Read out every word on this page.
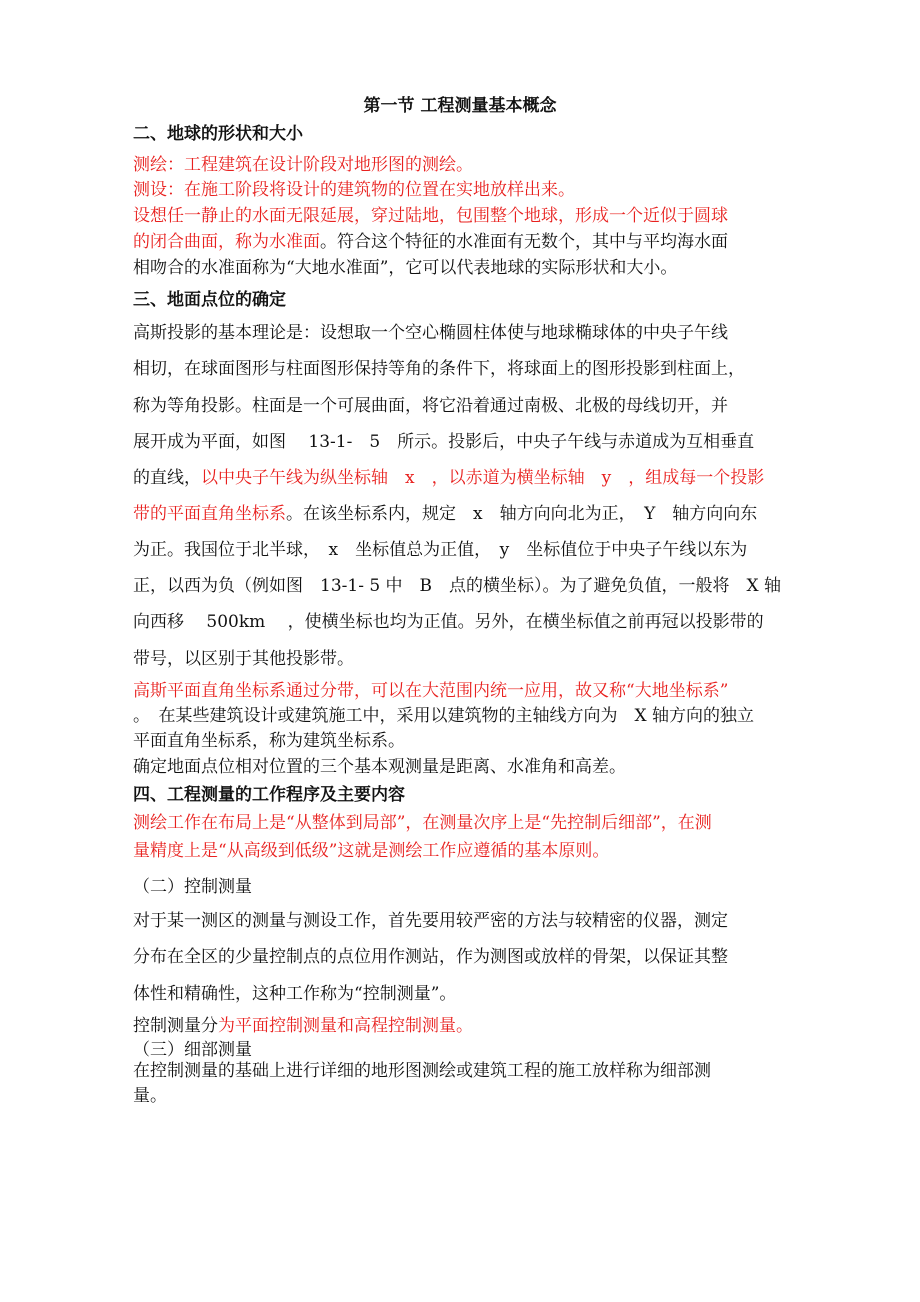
第一节 工程测量基本概念
二、地球的形状和大小
测绘：工程建筑在设计阶段对地形图的测绘。
测设：在施工阶段将设计的建筑物的位置在实地放样出来。
设想任一静止的水面无限延展，穿过陆地，包围整个地球，形成一个近似于圆球
的闭合曲面，称为水准面。符合这个特征的水准面有无数个，其中与平均海水面
相吻合的水准面称为“大地水准面”，它可以代表地球的实际形状和大小。
三、地面点位的确定
高斯投影的基本理论是：设想取一个空心椭圆柱体使与地球椭球体的中央子午线
相切，在球面图形与柱面图形保持等角的条件下，将球面上的图形投影到柱面上，
称为等角投影。柱面是一个可展曲面，将它沿着通过南极、北极的母线切开，并
展开成为平面，如图　 13-1-　5　所示。投影后，中央子午线与赤道成为互相垂直
的直线，以中央子午线为纵坐标轴　x　，以赤道为横坐标轴　y　，组成每一个投影
带的平面直角坐标系。在该坐标系内，规定　x　轴方向向北为正，　Y　轴方向向东
为正。我国位于北半球，　x　坐标值总为正值，　y　坐标值位于中央子午线以东为
正，以西为负（例如图　13-1- 5 中　B　点的横坐标）。为了避免负值，一般将　X 轴
向西移　 500km　 ，使横坐标也均为正值。另外，在横坐标值之前再冠以投影带的
带号，以区别于其他投影带。
高斯平面直角坐标系通过分带，可以在大范围内统一应用，故又称“大地坐标系”
。　在某些建筑设计或建筑施工中，采用以建筑物的主轴线方向为　X 轴方向的独立
平面直角坐标系，称为建筑坐标系。
确定地面点位相对位置的三个基本观测量是距离、水准角和高差。
四、工程测量的工作程序及主要内容
测绘工作在布局上是“从整体到局部”，在测量次序上是“先控制后细部”，在测
量精度上是“从高级到低级”这就是测绘工作应遵循的基本原则。
（二）控制测量
对于某一测区的测量与测设工作，首先要用较严密的方法与较精密的仪器，测定
分布在全区的少量控制点的点位用作测站，作为测图或放样的骨架，以保证其整
体性和精确性，这种工作称为“控制测量”。
控制测量分为平面控制测量和高程控制测量。
（三）细部测量
在控制测量的基础上进行详细的地形图测绘或建筑工程的施工放样称为细部测
量。
